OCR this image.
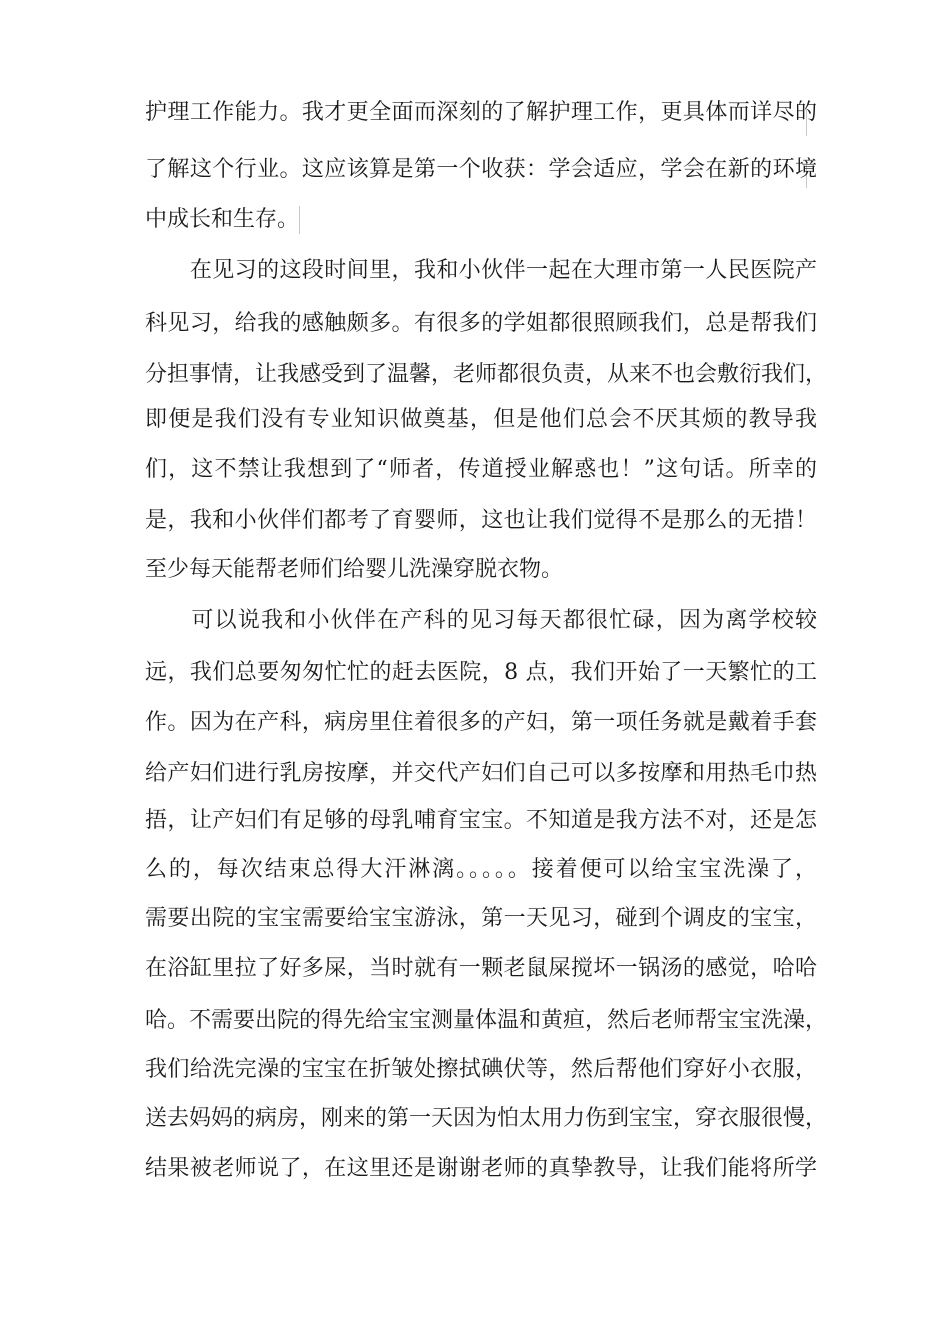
护理工作能力。我才更全面而深刻的了解护理工作，更具体而详尽的
了解这个行业。这应该算是第一个收获：学会适应，学会在新的环境
中成长和生存。
　　在见习的这段时间里，我和小伙伴一起在大理市第一人民医院产
科见习，给我的感触颇多。有很多的学姐都很照顾我们，总是帮我们
分担事情，让我感受到了温馨，老师都很负责，从来不也会敷衍我们，
即便是我们没有专业知识做奠基，但是他们总会不厌其烦的教导我
们，这不禁让我想到了“师者，传道授业解惑也！”这句话。所幸的
是，我和小伙伴们都考了育婴师，这也让我们觉得不是那么的无措！
至少每天能帮老师们给婴儿洗澡穿脱衣物。
　　可以说我和小伙伴在产科的见习每天都很忙碌，因为离学校较
远，我们总要匆匆忙忙的赶去医院，8 点，我们开始了一天繁忙的工
作。因为在产科，病房里住着很多的产妇，第一项任务就是戴着手套
给产妇们进行乳房按摩，并交代产妇们自己可以多按摩和用热毛巾热
捂，让产妇们有足够的母乳哺育宝宝。不知道是我方法不对，还是怎
么的，每次结束总得大汗淋漓。。。。。接着便可以给宝宝洗澡了，
需要出院的宝宝需要给宝宝游泳，第一天见习，碰到个调皮的宝宝，
在浴缸里拉了好多屎，当时就有一颗老鼠屎搅坏一锅汤的感觉，哈哈
哈。不需要出院的得先给宝宝测量体温和黄疸，然后老师帮宝宝洗澡，
我们给洗完澡的宝宝在折皱处擦拭碘伏等，然后帮他们穿好小衣服，
送去妈妈的病房，刚来的第一天因为怕太用力伤到宝宝，穿衣服很慢，
结果被老师说了，在这里还是谢谢老师的真挚教导，让我们能将所学
